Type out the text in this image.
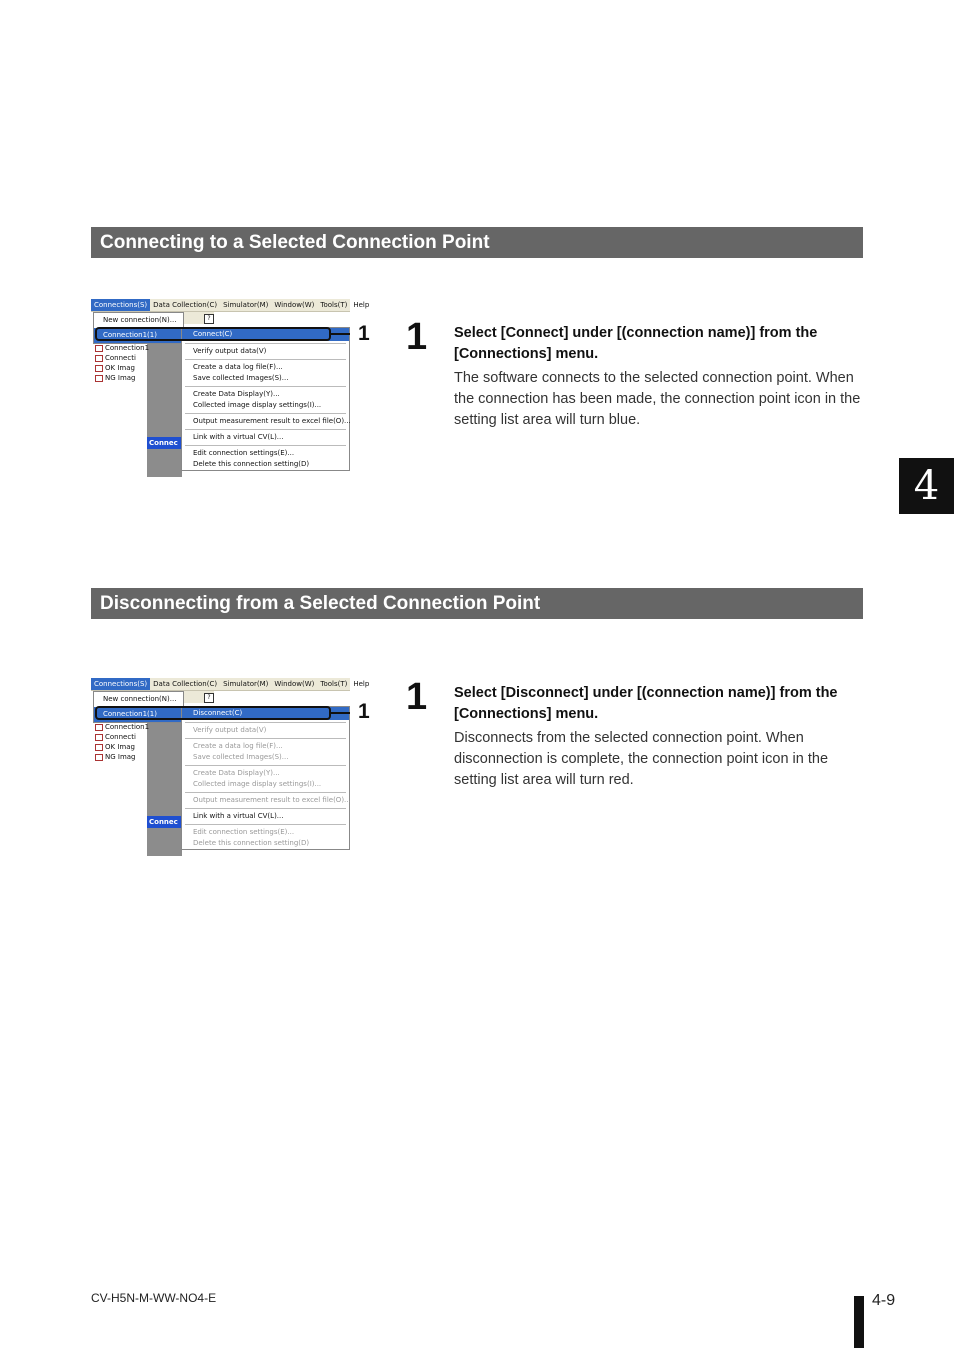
Connecting to a Selected Connection Point
Connections(S) Data Collection(C) Simulator(M) Window(W) Tools(T) Help
Connection1
Connecti
OK Imag
NG Imag
Connec
?
New connection(N)...
Connection1(1)	Connect(C)
Verify output data(V)
Create a data log file(F)...
Save collected Images(S)...
Create Data Display(Y)...
Collected image display settings(I)...
Output measurement result to excel file(O)...
Link with a virtual CV(L)...
Edit connection settings(E)...
Delete this connection setting(D)
1 1 Select [Connect] under [(connection name)] from the [Connections] menu.
The software connects to the selected connection point. When the connection has been made, the connection point icon in the setting list area will turn blue.
4
Disconnecting from a Selected Connection Point
Connections(S) Data Collection(C) Simulator(M) Window(W) Tools(T) Help
Connection1
Connecti
OK Imag
NG Imag
Connec
?
New connection(N)...
Connection1(1)	Disconnect(C)
Verify output data(V)
Create a data log file(F)...
Save collected Images(S)...
Create Data Display(Y)...
Collected image display settings(I)...
Output measurement result to excel file(O)...
Link with a virtual CV(L)...
Edit connection settings(E)...
Delete this connection setting(D)
1 1 Select [Disconnect] under [(connection name)] from the [Connections] menu.
Disconnects from the selected connection point. When disconnection is complete, the connection point icon in the setting list area will turn red.
CV-H5N-M-WW-NO4-E	4-9
